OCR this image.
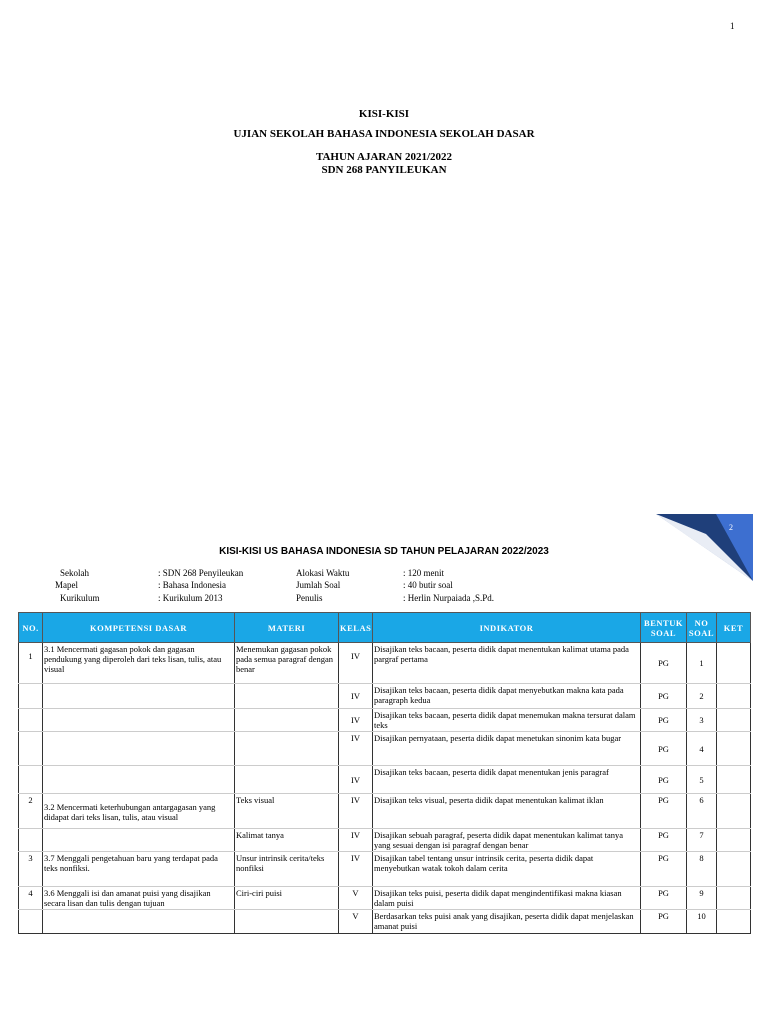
1
KISI-KISI
UJIAN SEKOLAH BAHASA INDONESIA SEKOLAH DASAR
TAHUN AJARAN 2021/2022
SDN 268 PANYILEUKAN
2
KISI-KISI US BAHASA INDONESIA SD TAHUN PELAJARAN 2022/2023
Sekolah	: SDN 268 Penyileukan
Mapel	: Bahasa Indonesia
Kurikulum	: Kurikulum 2013
Alokasi Waktu	: 120 menit
Jumlah Soal	: 40 butir soal
Penulis	: Herlin Nurpaiada ,S.Pd.
NO.	KOMPETENSI DASAR	MATERI	KELAS	INDIKATOR	BENTUK SOAL	NO SOAL	KET
1	3.1 Mencermati gagasan pokok dan gagasan pendukung yang diperoleh dari teks lisan, tulis, atau visual	Menemukan gagasan pokok pada semua paragraf dengan benar	IV	Disajikan teks bacaan, peserta didik dapat menentukan kalimat utama pada pargraf pertama	PG	1	
			IV	Disajikan teks bacaan, peserta didik dapat menyebutkan makna kata pada paragraph kedua	PG	2	
			IV	Disajikan teks bacaan, peserta didik dapat menemukan makna tersurat dalam teks	PG	3	
			IV	Disajikan pernyataan, peserta didik dapat menetukan sinonim kata bugar	PG	4	
			IV	Disajikan teks bacaan, peserta didik dapat menentukan jenis paragraf	PG	5	
2	3.2 Mencermati keterhubungan antargagasan yang didapat dari teks lisan, tulis, atau visual	Teks visual	IV	Disajikan teks visual, peserta didik dapat menentukan kalimat iklan	PG	6	
		Kalimat tanya	IV	Disajikan sebuah paragraf, peserta didik dapat menentukan kalimat tanya yang sesuai dengan isi paragraf dengan benar	PG	7	
3	3.7 Menggali pengetahuan baru yang terdapat pada teks nonfiksi.	Unsur intrinsik cerita/teks nonfiksi	IV	Disajikan tabel tentang unsur intrinsik cerita, peserta didik dapat menyebutkan watak tokoh dalam cerita	PG	8	
4	3.6 Menggali isi dan amanat puisi yang disajikan secara lisan dan tulis dengan tujuan	Ciri-ciri puisi	V	Disajikan teks puisi, peserta didik dapat mengindentifikasi makna kiasan dalam puisi	PG	9	
			V	Berdasarkan teks puisi anak yang disajikan, peserta didik dapat menjelaskan amanat puisi	PG	10	
